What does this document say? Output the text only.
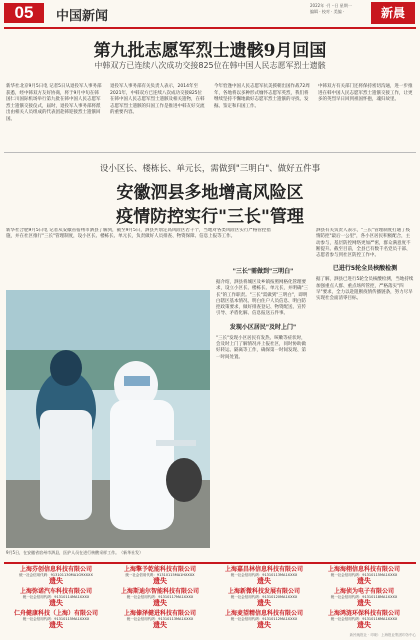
05	中国新闻
2022年 ·月 ··日 星期一
编辑 · 校对 · 美编 ·	新晨
第九批志愿军烈士遗骸9月回国
中韩双方已连续八次成功交接825位在韩中国人民志愿军烈士遗骸
新华社北京9月5日电 记者5日从退役军人事务部获悉，经中韩双方友好协商，将于9月中旬在韩国仁川国际机场举行第九批在韩中国人民志愿军烈士遗骸交接仪式，届时，退役军人事务部将派出由相关人员组成的代表团赴韩迎接烈士遗骸回国。
退役军人事务部有关负责人表示，2014年至2021年，中韩双方已连续八次成功交接825位在韩中国人民志愿军烈士遗骸及相关遗物，在韩志愿军烈士遗骸的归国工作是推进中韩友好交流的重要内容。
今年恰逢中国人民志愿军抗美援朝出国作战72周年，各地将以多种形式缅怀志愿军英烈，我们将继续坚持不懈地做好志愿军烈士遗骸的寻找、发掘、鉴定和归国工作。
中韩双方有关部门还将保持密切沟通，进一步推进在韩中国人民志愿军烈士遗骸交接工作，让更多的英烈早日回到祖国怀抱，魂归故里。
设小区长、楼栋长、单元长，需做到"三明白"、做好五件事
安徽泗县多地增高风险区
疫情防控实行"三长"管理
新华社合肥9月5日电 记者从安徽省宿州市泗县了解到，截至9月5日，泗县共划定高风险区若干个，当地对各类风险区实行严格管控措施，并在社区推行"三长"管理制度，设小区长、楼栋长、单元长，负责做好人员排查、物资保障、信息上报等工作。
9月5日，在安徽省宿州市泗县，医护人员在进行核酸采样工作。（新华社发）
"三长"需做到"三明白"
据介绍，泗县将城区及乡镇按照网格化管理要求，设立小区长、楼栋长、单元长，并明确"三长"的工作职责。"三长"需做到"三明白"，即明白辖区基本情况、明白住户人员信息、明白防控政策要求，做好排查登记、物资配送、宣传引导、矛盾化解、信息报送五件事。
发现小区居民"及时上门"
"三长"发现小区居民有发热、咳嗽等症状时，会及时上门了解情况并上报社区，同时协助做好转运、隔离等工作，确保第一时间发现、第一时间处置。
泗县有关负责人表示，"三长"管理制度打通了疫情防控"最后一公里"，各小区居民积极配合，主动参与，基层防控网络更加严密，群众满意度不断提升。截至目前，全县已有数千名党员干部、志愿者参与到社区防控工作中。
已进行5轮全员核酸检测
据了解，泗县已进行5轮全员核酸检测，当地持续加强重点人群、重点场所管控，严格落实"四早"要求，全力以赴阻断疫情传播链条，努力尽早实现社会面清零目标。
上海芬创信息科技有限公司
统一社会信用代码：913101130MA1G9XXXX
遗失
上海擎予乾能科技有限公司
统一社会信用代码：91310115MA1HXXXX
遗失
上海嘉昌林信息科技有限公司
统一社会信用代码：91310113MA1XXXX
遗失
上海海栩信息科技有限公司
统一社会信用代码：91310115MA1XXXX
遗失
上海弥诺汽车科技有限公司
统一社会信用代码：91310114MA1XXXX
遗失
上海斯迪尔智能科技有限公司
统一社会信用代码：91310117MA1XXXX
遗失
上海新微科技发展有限公司
统一社会信用代码：91310120MA1XXXX
遗失
上海侦为电子有限公司
统一社会信用代码：91310118MA1XXXX
遗失
仁舟健康科技（上海）有限公司
统一社会信用代码：91310115MA1XXXX
遗失
上海傣泽健进科技有限公司
统一社会信用代码：91310113MA1XXXX
遗失
上海麦望精信息科技有限公司
统一社会信用代码：91310112MA1XXXX
遗失
上海鸿涟环保科技有限公司
统一社会信用代码：91310116MA1XXXX
遗失
新民晚报社 · 印刷：上海报业集团印务中心
